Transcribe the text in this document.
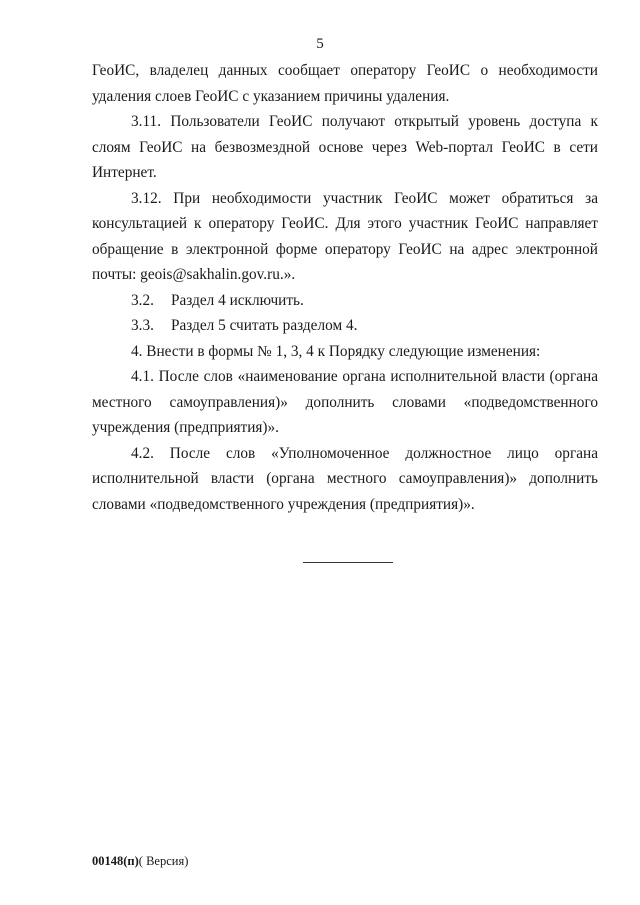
5

ГеоИС, владелец данных сообщает оператору ГеоИС о необходимости удаления слоев ГеоИС с указанием причины удаления.

3.11. Пользователи ГеоИС получают открытый уровень доступа к слоям ГеоИС на безвозмездной основе через Web-портал ГеоИС в сети Интернет.

3.12. При необходимости участник ГеоИС может обратиться за консультацией к оператору ГеоИС. Для этого участник ГеоИС направляет обращение в электронной форме оператору ГеоИС на адрес электронной почты: geois@sakhalin.gov.ru.».

3.2.	Раздел 4 исключить.
3.3.	Раздел 5 считать разделом 4.

4. Внести в формы № 1, 3, 4 к Порядку следующие изменения:

4.1. После слов «наименование органа исполнительной власти (органа местного самоуправления)» дополнить словами «подведомственного учреждения (предприятия)».

4.2. После слов «Уполномоченное должностное лицо органа исполнительной власти (органа местного самоуправления)» дополнить словами «подведомственного учреждения (предприятия)».

00148(п)( Версия)
